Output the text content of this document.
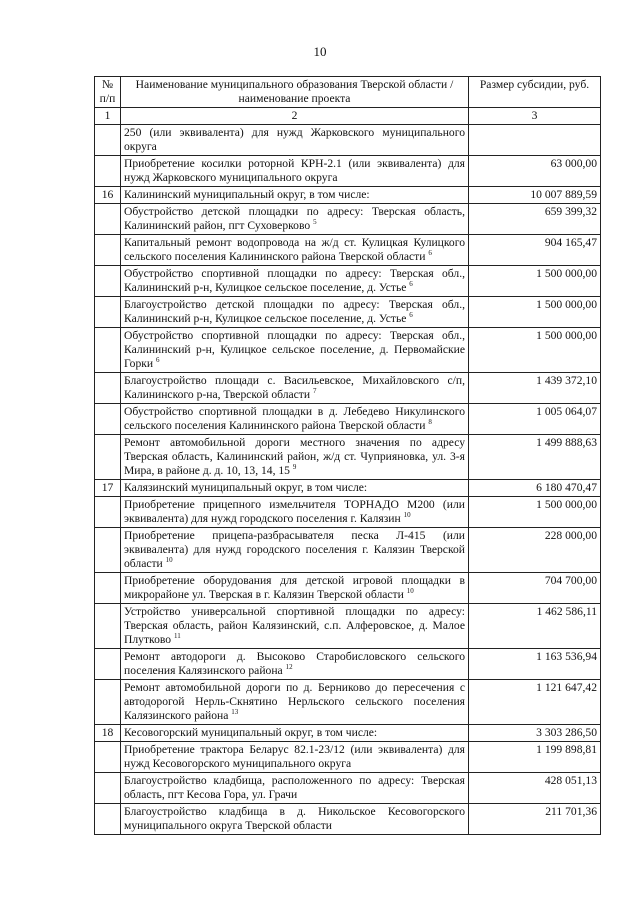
10
№ п/п	Наименование муниципального образования Тверской области / наименование проекта	Размер субсидии, руб.
1	2	3
	250 (или эквивалента) для нужд Жарковского муниципального округа	
	Приобретение косилки роторной КРН-2.1 (или эквивалента) для нужд Жарковского муниципального округа	63 000,00
16	Калининский муниципальный округ, в том числе:	10 007 889,59
	Обустройство детской площадки по адресу: Тверская область, Калининский район, пгт Суховерково $^5$	659 399,32
	Капитальный ремонт водопровода на ж/д ст. Кулицкая Кулицкого сельского поселения Калининского района Тверской области $^6$	904 165,47
	Обустройство спортивной площадки по адресу: Тверская обл., Калининский р-н, Кулицкое сельское поселение, д. Устье $^6$	1 500 000,00
	Благоустройство детской площадки по адресу: Тверская обл., Калининский р-н, Кулицкое сельское поселение, д. Устье $^6$	1 500 000,00
	Обустройство спортивной площадки по адресу: Тверская обл., Калининский р-н, Кулицкое сельское поселение, д. Первомайские Горки $^6$	1 500 000,00
	Благоустройство площади с. Васильевское, Михайловского с/п, Калининского р-на, Тверской области $^7$	1 439 372,10
	Обустройство спортивной площадки в д. Лебедево Никулинского сельского поселения Калининского района Тверской области $^8$	1 005 064,07
	Ремонт автомобильной дороги местного значения по адресу Тверская область, Калининский район, ж/д ст. Чуприяновка, ул. 3-я Мира, в районе д. д. 10, 13, 14, 15 $^9$	1 499 888,63
17	Калязинский муниципальный округ, в том числе:	6 180 470,47
	Приобретение прицепного измельчителя ТОРНАДО М200 (или эквивалента) для нужд городского поселения г. Калязин $^{10}$	1 500 000,00
	Приобретение прицепа-разбрасывателя песка Л-415 (или эквивалента) для нужд городского поселения г. Калязин Тверской области $^{10}$	228 000,00
	Приобретение оборудования для детской игровой площадки в микрорайоне ул. Тверская в г. Калязин Тверской области $^{10}$	704 700,00
	Устройство универсальной спортивной площадки по адресу: Тверская область, район Калязинский, с.п. Алферовское, д. Малое Плутково $^{11}$	1 462 586,11
	Ремонт автодороги д. Высоково Старобисловского сельского поселения Калязинского района $^{12}$	1 163 536,94
	Ремонт автомобильной дороги по д. Берниково до пересечения с автодорогой Нерль-Скнятино Нерльского сельского поселения Калязинского района $^{13}$	1 121 647,42
18	Кесовогорский муниципальный округ, в том числе:	3 303 286,50
	Приобретение трактора Беларус 82.1-23/12 (или эквивалента) для нужд Кесовогорского муниципального округа	1 199 898,81
	Благоустройство кладбища, расположенного по адресу: Тверская область, пгт Кесова Гора, ул. Грачи	428 051,13
	Благоустройство кладбища в д. Никольское Кесовогорского муниципального округа Тверской области	211 701,36
